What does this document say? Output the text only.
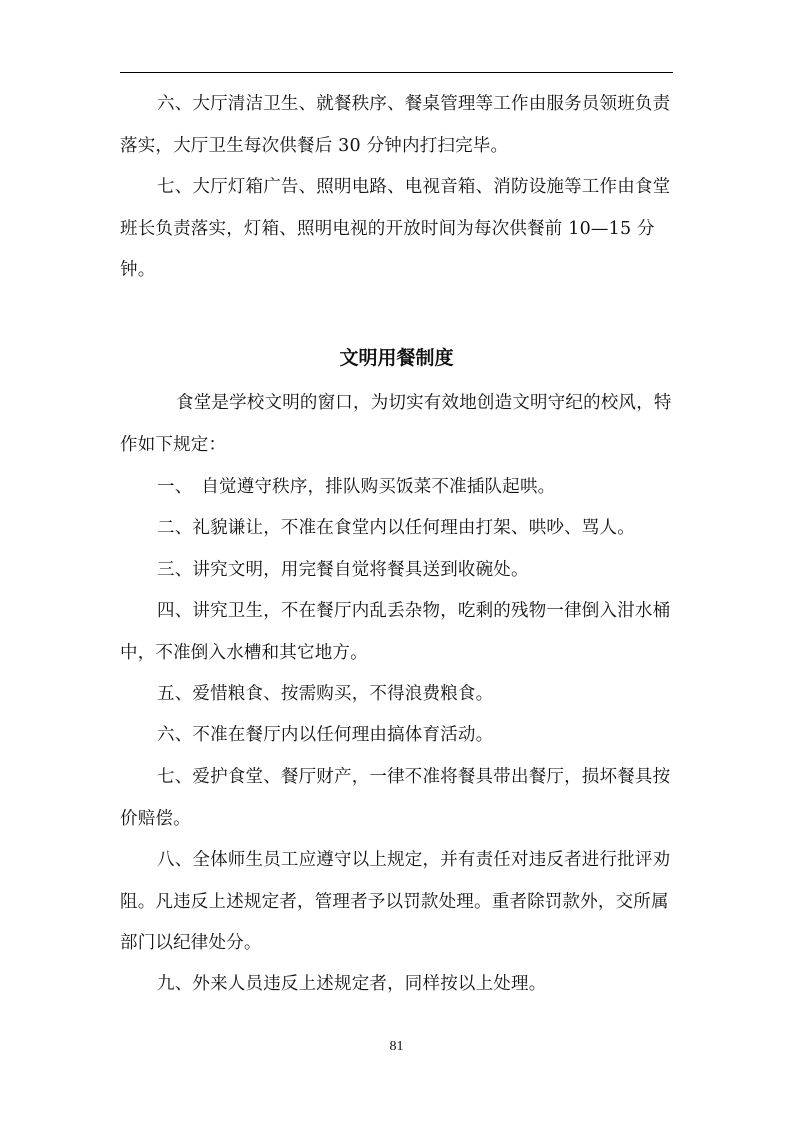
六、大厅清洁卫生、就餐秩序、餐桌管理等工作由服务员领班负责落实，大厅卫生每次供餐后 30 分钟内打扫完毕。

七、大厅灯箱广告、照明电路、电视音箱、消防设施等工作由食堂班长负责落实，灯箱、照明电视的开放时间为每次供餐前 10—15 分钟。

文明用餐制度

食堂是学校文明的窗口，为切实有效地创造文明守纪的校风，特作如下规定：

一、　自觉遵守秩序，排队购买饭菜不准插队起哄。

二、礼貌谦让，不准在食堂内以任何理由打架、哄吵、骂人。

三、讲究文明，用完餐自觉将餐具送到收碗处。

四、讲究卫生，不在餐厅内乱丢杂物，吃剩的残物一律倒入泔水桶中，不准倒入水槽和其它地方。

五、爱惜粮食、按需购买，不得浪费粮食。

六、不准在餐厅内以任何理由搞体育活动。

七、爱护食堂、餐厅财产，一律不准将餐具带出餐厅，损坏餐具按价赔偿。

八、全体师生员工应遵守以上规定，并有责任对违反者进行批评劝阻。凡违反上述规定者，管理者予以罚款处理。重者除罚款外，交所属部门以纪律处分。

九、外来人员违反上述规定者，同样按以上处理。

81
